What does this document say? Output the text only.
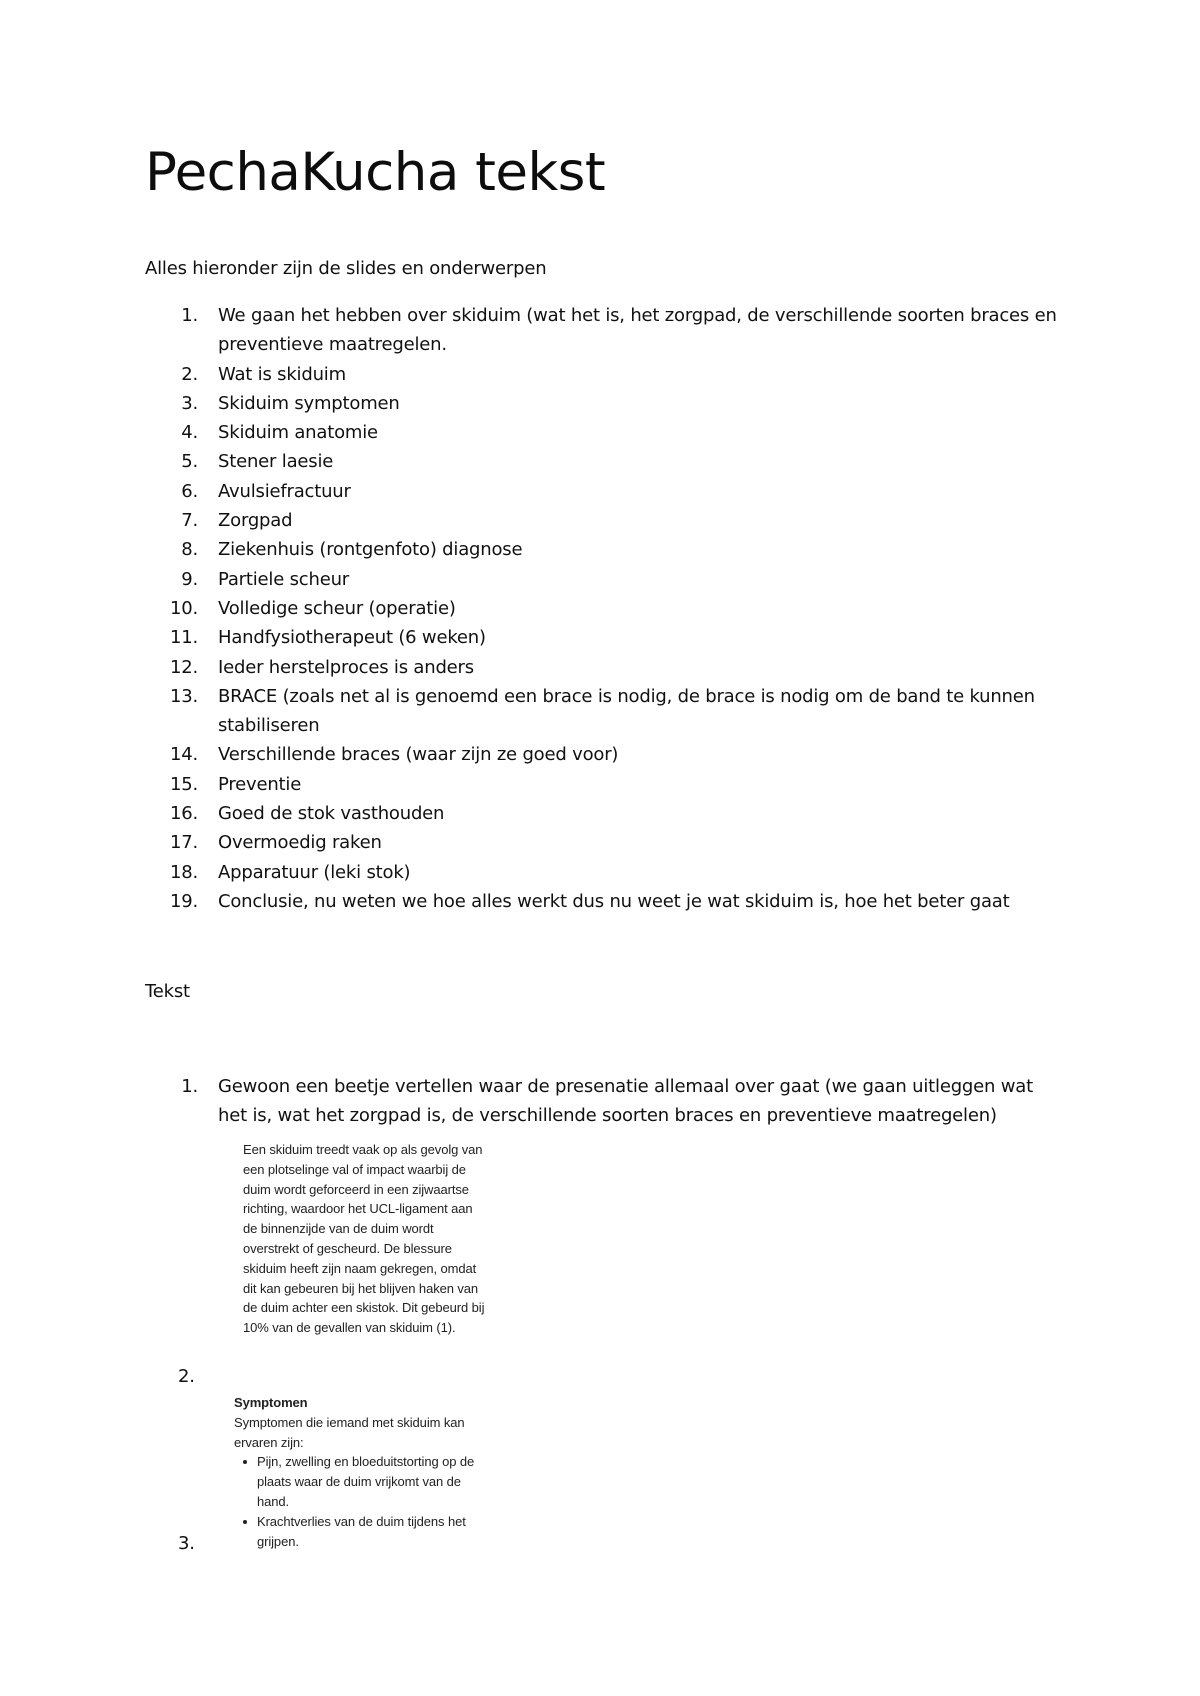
PechaKucha tekst

Alles hieronder zijn de slides en onderwerpen

1. We gaan het hebben over skiduim (wat het is, het zorgpad, de verschillende soorten braces en preventieve maatregelen.
2. Wat is skiduim
3. Skiduim symptomen
4. Skiduim anatomie
5. Stener laesie
6. Avulsiefractuur
7. Zorgpad
8. Ziekenhuis (rontgenfoto) diagnose
9. Partiele scheur
10. Volledige scheur (operatie)
11. Handfysiotherapeut (6 weken)
12. Ieder herstelproces is anders
13. BRACE (zoals net al is genoemd een brace is nodig, de brace is nodig om de band te kunnen stabiliseren
14. Verschillende braces (waar zijn ze goed voor)
15. Preventie
16. Goed de stok vasthouden
17. Overmoedig raken
18. Apparatuur (leki stok)
19. Conclusie, nu weten we hoe alles werkt dus nu weet je wat skiduim is, hoe het beter gaat

Tekst

1. Gewoon een beetje vertellen waar de presenatie allemaal over gaat (we gaan uitleggen wat het is, wat het zorgpad is, de verschillende soorten braces en preventieve maatregelen)
Een skiduim treedt vaak op als gevolg van een plotselinge val of impact waarbij de duim wordt geforceerd in een zijwaartse richting, waardoor het UCL-ligament aan de binnenzijde van de duim wordt overstrekt of gescheurd. De blessure skiduim heeft zijn naam gekregen, omdat dit kan gebeuren bij het blijven haken van de duim achter een skistok. Dit gebeurd bij 10% van de gevallen van skiduim (1).
2.
Symptomen
Symptomen die iemand met skiduim kan ervaren zijn:
Pijn, zwelling en bloeduitstorting op de plaats waar de duim vrijkomt van de hand.
Krachtverlies van de duim tijdens het grijpen.
3.
